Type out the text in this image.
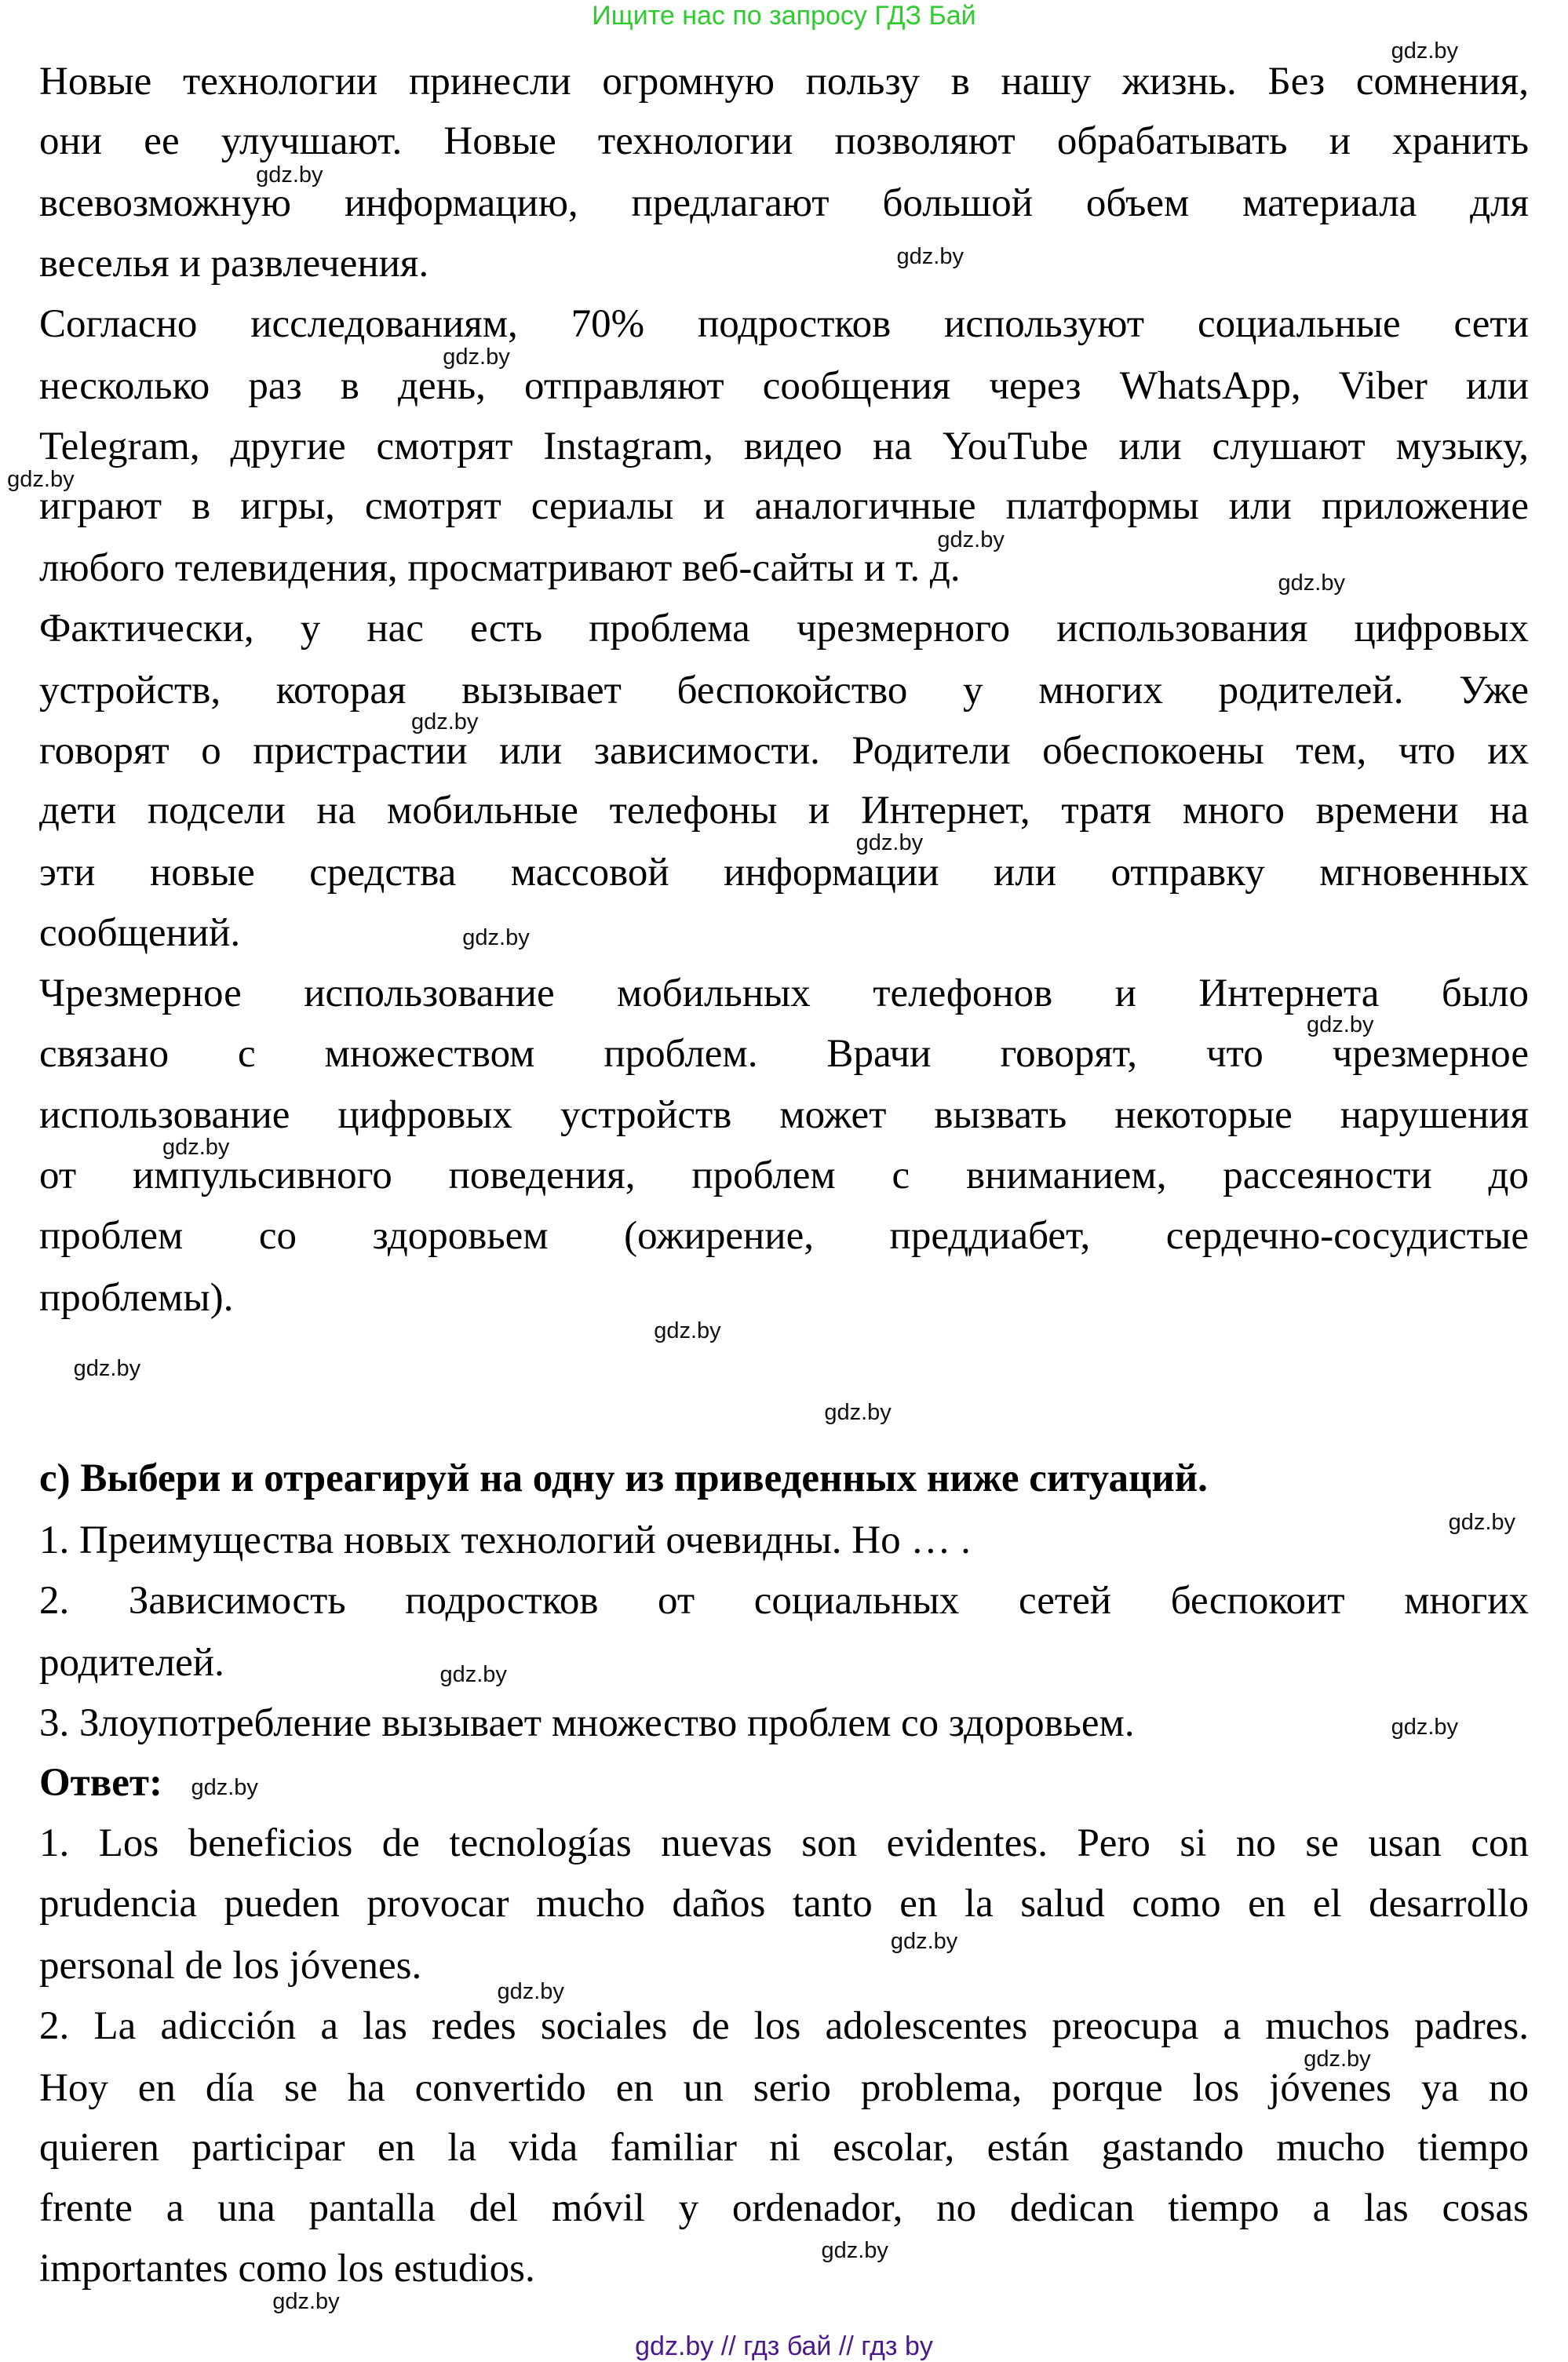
Ищите нас по запросу ГДЗ Бай
Новые технологии принесли огромную пользу в нашу жизнь. Без сомнения,
они ее улучшают. Новые технологии позволяют обрабатывать и хранить
всевозможную информацию, предлагают большой объем материала для
веселья и развлечения.
Согласно исследованиям, 70% подростков используют социальные сети
несколько раз в день, отправляют сообщения через WhatsApp, Viber или
Telegram, другие смотрят Instagram, видео на YouTube или слушают музыку,
играют в игры, смотрят сериалы и аналогичные платформы или приложение
любого телевидения, просматривают веб-сайты и т. д.
Фактически, у нас есть проблема чрезмерного использования цифровых
устройств, которая вызывает беспокойство у многих родителей. Уже
говорят о пристрастии или зависимости. Родители обеспокоены тем, что их
дети подсели на мобильные телефоны и Интернет, тратя много времени на
эти новые средства массовой информации или отправку мгновенных
сообщений.
Чрезмерное использование мобильных телефонов и Интернета было
связано с множеством проблем. Врачи говорят, что чрезмерное
использование цифровых устройств может вызвать некоторые нарушения
от импульсивного поведения, проблем с вниманием, рассеяности до
проблем со здоровьем (ожирение, преддиабет, сердечно-сосудистые
проблемы).
c) Выбери и отреагируй на одну из приведенных ниже ситуаций.
1. Преимущества новых технологий очевидны. Но … .
2. Зависимость подростков от социальных сетей беспокоит многих
родителей.
3. Злоупотребление вызывает множество проблем со здоровьем.
Ответ:
1. Los beneficios de tecnologías nuevas son evidentes. Pero si no se usan con
prudencia pueden provocar mucho daños tanto en la salud como en el desarrollo
personal de los jóvenes.
2. La adicción a las redes sociales de los adolescentes preocupa a muchos padres.
Hoy en día se ha convertido en un serio problema, porque los jóvenes ya no
quieren participar en la vida familiar ni escolar, están gastando mucho tiempo
frente a una pantalla del móvil y ordenador, no dedican tiempo a las cosas
importantes como los estudios.
gdz.by
gdz.by
gdz.by
gdz.by
gdz.by
gdz.by
gdz.by
gdz.by
gdz.by
gdz.by
gdz.by
gdz.by
gdz.by
gdz.by
gdz.by
gdz.by
gdz.by
gdz.by
gdz.by
gdz.by
gdz.by
gdz.by
gdz.by
gdz.by
gdz.by // гдз бай // гдз by
